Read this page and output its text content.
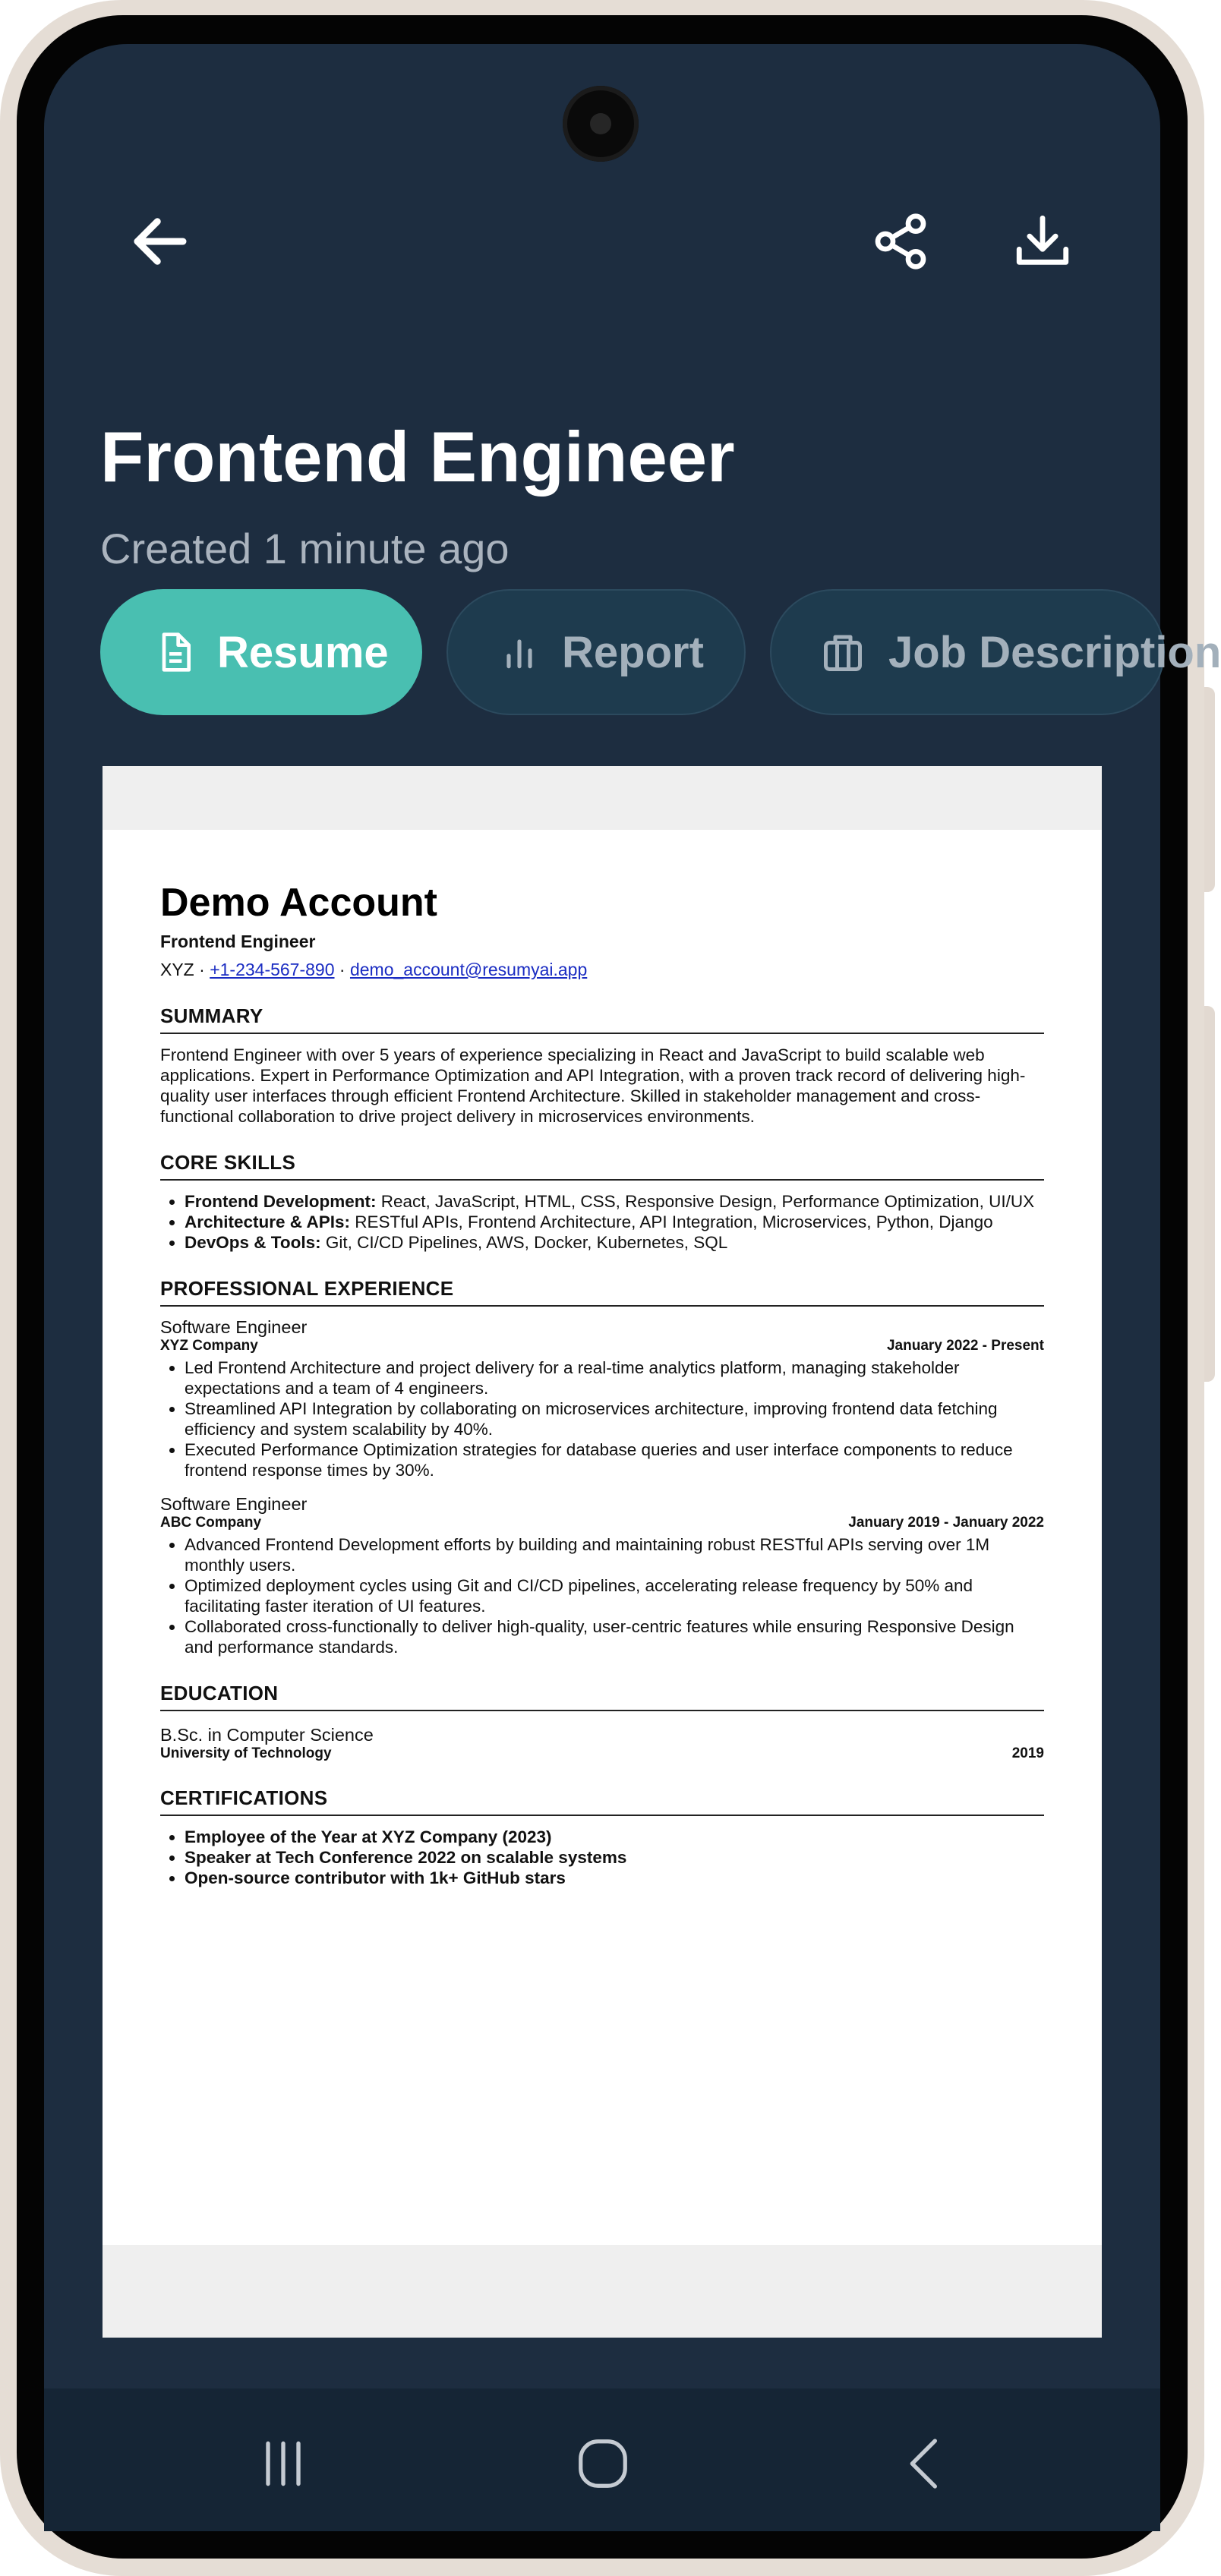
Frontend Engineer
Created 1 minute ago
Resume	Report	Job Description
Demo Account
Frontend Engineer
XYZ · +1-234-567-890 · demo_account@resumyai.app
SUMMARY
Frontend Engineer with over 5 years of experience specializing in React and JavaScript to build scalable web applications. Expert in Performance Optimization and API Integration, with a proven track record of delivering high-quality user interfaces through efficient Frontend Architecture. Skilled in stakeholder management and cross-functional collaboration to drive project delivery in microservices environments.
CORE SKILLS
• Frontend Development: React, JavaScript, HTML, CSS, Responsive Design, Performance Optimization, UI/UX
• Architecture & APIs: RESTful APIs, Frontend Architecture, API Integration, Microservices, Python, Django
• DevOps & Tools: Git, CI/CD Pipelines, AWS, Docker, Kubernetes, SQL
PROFESSIONAL EXPERIENCE
Software Engineer
XYZ Company	January 2022 - Present
• Led Frontend Architecture and project delivery for a real-time analytics platform, managing stakeholder expectations and a team of 4 engineers.
• Streamlined API Integration by collaborating on microservices architecture, improving frontend data fetching efficiency and system scalability by 40%.
• Executed Performance Optimization strategies for database queries and user interface components to reduce frontend response times by 30%.
Software Engineer
ABC Company	January 2019 - January 2022
• Advanced Frontend Development efforts by building and maintaining robust RESTful APIs serving over 1M monthly users.
• Optimized deployment cycles using Git and CI/CD pipelines, accelerating release frequency by 50% and facilitating faster iteration of UI features.
• Collaborated cross-functionally to deliver high-quality, user-centric features while ensuring Responsive Design and performance standards.
EDUCATION
B.Sc. in Computer Science
University of Technology	2019
CERTIFICATIONS
• Employee of the Year at XYZ Company (2023)
• Speaker at Tech Conference 2022 on scalable systems
• Open-source contributor with 1k+ GitHub stars
